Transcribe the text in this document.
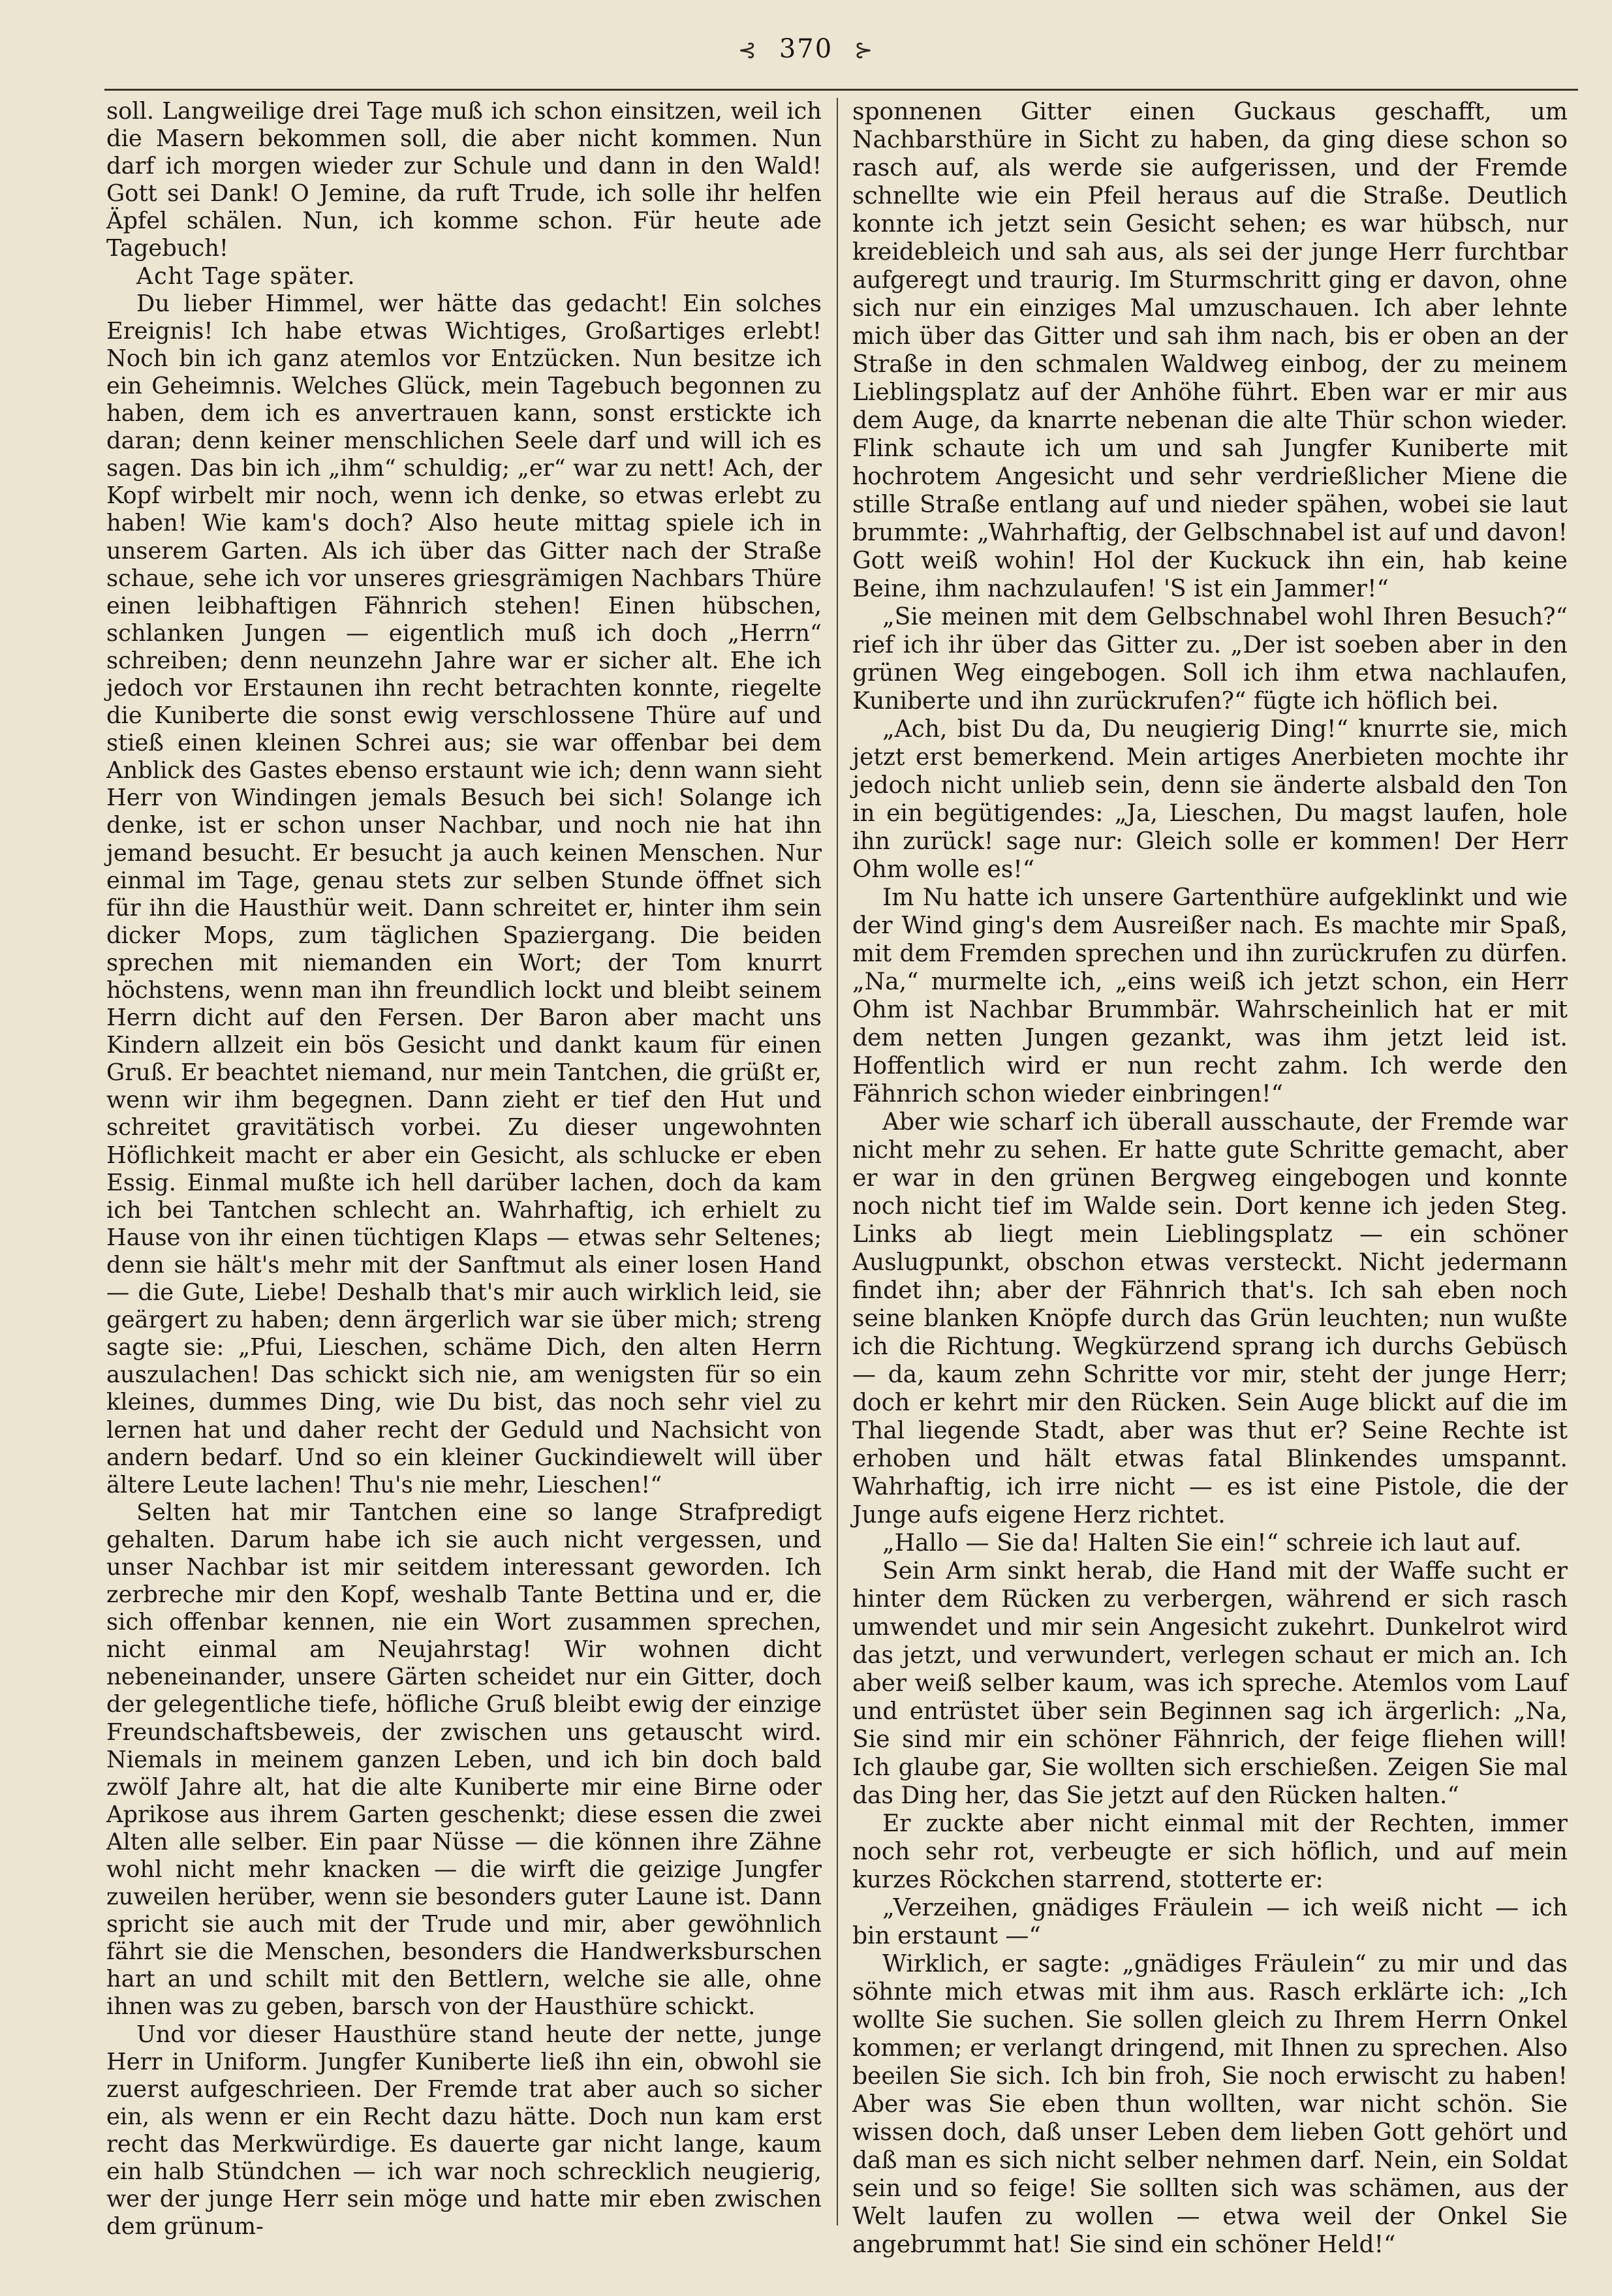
⊰ 370 ⊱

soll. Langweilige drei Tage muß ich schon einsitzen, weil ich die Masern bekommen soll, die aber nicht kommen. Nun darf ich morgen wieder zur Schule und dann in den Wald! Gott sei Dank! O Jemine, da ruft Trude, ich solle ihr helfen Äpfel schälen. Nun, ich komme schon. Für heute ade Tagebuch!

Acht Tage später.

Du lieber Himmel, wer hätte das gedacht! Ein solches Ereignis! Ich habe etwas Wichtiges, Großartiges erlebt! Noch bin ich ganz atemlos vor Entzücken. Nun besitze ich ein Geheimnis. Welches Glück, mein Tagebuch begonnen zu haben, dem ich es anvertrauen kann, sonst erstickte ich daran; denn keiner menschlichen Seele darf und will ich es sagen. Das bin ich „ihm“ schuldig; „er“ war zu nett! Ach, der Kopf wirbelt mir noch, wenn ich denke, so etwas erlebt zu haben! Wie kam's doch? Also heute mittag spiele ich in unserem Garten. Als ich über das Gitter nach der Straße schaue, sehe ich vor unseres griesgrämigen Nachbars Thüre einen leibhaftigen Fähnrich stehen! Einen hübschen, schlanken Jungen — eigentlich muß ich doch „Herrn“ schreiben; denn neunzehn Jahre war er sicher alt. Ehe ich jedoch vor Erstaunen ihn recht betrachten konnte, riegelte die Kuniberte die sonst ewig verschlossene Thüre auf und stieß einen kleinen Schrei aus; sie war offenbar bei dem Anblick des Gastes ebenso erstaunt wie ich; denn wann sieht Herr von Windingen jemals Besuch bei sich! Solange ich denke, ist er schon unser Nachbar, und noch nie hat ihn jemand besucht. Er besucht ja auch keinen Menschen. Nur einmal im Tage, genau stets zur selben Stunde öffnet sich für ihn die Hausthür weit. Dann schreitet er, hinter ihm sein dicker Mops, zum täglichen Spaziergang. Die beiden sprechen mit niemanden ein Wort; der Tom knurrt höchstens, wenn man ihn freundlich lockt und bleibt seinem Herrn dicht auf den Fersen. Der Baron aber macht uns Kindern allzeit ein bös Gesicht und dankt kaum für einen Gruß. Er beachtet niemand, nur mein Tantchen, die grüßt er, wenn wir ihm begegnen. Dann zieht er tief den Hut und schreitet gravitätisch vorbei. Zu dieser ungewohnten Höflichkeit macht er aber ein Gesicht, als schlucke er eben Essig. Einmal mußte ich hell darüber lachen, doch da kam ich bei Tantchen schlecht an. Wahrhaftig, ich erhielt zu Hause von ihr einen tüchtigen Klaps — etwas sehr Seltenes; denn sie hält's mehr mit der Sanftmut als einer losen Hand — die Gute, Liebe! Deshalb that's mir auch wirklich leid, sie geärgert zu haben; denn ärgerlich war sie über mich; streng sagte sie: „Pfui, Lieschen, schäme Dich, den alten Herrn auszulachen! Das schickt sich nie, am wenigsten für so ein kleines, dummes Ding, wie Du bist, das noch sehr viel zu lernen hat und daher recht der Geduld und Nachsicht von andern bedarf. Und so ein kleiner Guckindiewelt will über ältere Leute lachen! Thu's nie mehr, Lieschen!“

Selten hat mir Tantchen eine so lange Strafpredigt gehalten. Darum habe ich sie auch nicht vergessen, und unser Nachbar ist mir seitdem interessant geworden. Ich zerbreche mir den Kopf, weshalb Tante Bettina und er, die sich offenbar kennen, nie ein Wort zusammen sprechen, nicht einmal am Neujahrstag! Wir wohnen dicht nebeneinander, unsere Gärten scheidet nur ein Gitter, doch der gelegentliche tiefe, höfliche Gruß bleibt ewig der einzige Freundschaftsbeweis, der zwischen uns getauscht wird. Niemals in meinem ganzen Leben, und ich bin doch bald zwölf Jahre alt, hat die alte Kuniberte mir eine Birne oder Aprikose aus ihrem Garten geschenkt; diese essen die zwei Alten alle selber. Ein paar Nüsse — die können ihre Zähne wohl nicht mehr knacken — die wirft die geizige Jungfer zuweilen herüber, wenn sie besonders guter Laune ist. Dann spricht sie auch mit der Trude und mir, aber gewöhnlich fährt sie die Menschen, besonders die Handwerksburschen hart an und schilt mit den Bettlern, welche sie alle, ohne ihnen was zu geben, barsch von der Hausthüre schickt.

Und vor dieser Hausthüre stand heute der nette, junge Herr in Uniform. Jungfer Kuniberte ließ ihn ein, obwohl sie zuerst aufgeschrieen. Der Fremde trat aber auch so sicher ein, als wenn er ein Recht dazu hätte. Doch nun kam erst recht das Merkwürdige. Es dauerte gar nicht lange, kaum ein halb Stündchen — ich war noch schrecklich neugierig, wer der junge Herr sein möge und hatte mir eben zwischen dem grünum-

sponnenen Gitter einen Guckaus geschafft, um Nachbarsthüre in Sicht zu haben, da ging diese schon so rasch auf, als werde sie aufgerissen, und der Fremde schnellte wie ein Pfeil heraus auf die Straße. Deutlich konnte ich jetzt sein Gesicht sehen; es war hübsch, nur kreidebleich und sah aus, als sei der junge Herr furchtbar aufgeregt und traurig. Im Sturmschritt ging er davon, ohne sich nur ein einziges Mal umzuschauen. Ich aber lehnte mich über das Gitter und sah ihm nach, bis er oben an der Straße in den schmalen Waldweg einbog, der zu meinem Lieblingsplatz auf der Anhöhe führt. Eben war er mir aus dem Auge, da knarrte nebenan die alte Thür schon wieder. Flink schaute ich um und sah Jungfer Kuniberte mit hochrotem Angesicht und sehr verdrießlicher Miene die stille Straße entlang auf und nieder spähen, wobei sie laut brummte: „Wahrhaftig, der Gelbschnabel ist auf und davon! Gott weiß wohin! Hol der Kuckuck ihn ein, hab keine Beine, ihm nachzulaufen! 'S ist ein Jammer!“

„Sie meinen mit dem Gelbschnabel wohl Ihren Besuch?“ rief ich ihr über das Gitter zu. „Der ist soeben aber in den grünen Weg eingebogen. Soll ich ihm etwa nachlaufen, Kuniberte und ihn zurückrufen?“ fügte ich höflich bei.

„Ach, bist Du da, Du neugierig Ding!“ knurrte sie, mich jetzt erst bemerkend. Mein artiges Anerbieten mochte ihr jedoch nicht unlieb sein, denn sie änderte alsbald den Ton in ein begütigendes: „Ja, Lieschen, Du magst laufen, hole ihn zurück! sage nur: Gleich solle er kommen! Der Herr Ohm wolle es!“

Im Nu hatte ich unsere Gartenthüre aufgeklinkt und wie der Wind ging's dem Ausreißer nach. Es machte mir Spaß, mit dem Fremden sprechen und ihn zurückrufen zu dürfen. „Na,“ murmelte ich, „eins weiß ich jetzt schon, ein Herr Ohm ist Nachbar Brummbär. Wahrscheinlich hat er mit dem netten Jungen gezankt, was ihm jetzt leid ist. Hoffentlich wird er nun recht zahm. Ich werde den Fähnrich schon wieder einbringen!“

Aber wie scharf ich überall ausschaute, der Fremde war nicht mehr zu sehen. Er hatte gute Schritte gemacht, aber er war in den grünen Bergweg eingebogen und konnte noch nicht tief im Walde sein. Dort kenne ich jeden Steg. Links ab liegt mein Lieblingsplatz — ein schöner Auslugpunkt, obschon etwas versteckt. Nicht jedermann findet ihn; aber der Fähnrich that's. Ich sah eben noch seine blanken Knöpfe durch das Grün leuchten; nun wußte ich die Richtung. Wegkürzend sprang ich durchs Gebüsch — da, kaum zehn Schritte vor mir, steht der junge Herr; doch er kehrt mir den Rücken. Sein Auge blickt auf die im Thal liegende Stadt, aber was thut er? Seine Rechte ist erhoben und hält etwas fatal Blinkendes umspannt. Wahrhaftig, ich irre nicht — es ist eine Pistole, die der Junge aufs eigene Herz richtet.

„Hallo — Sie da! Halten Sie ein!“ schreie ich laut auf.

Sein Arm sinkt herab, die Hand mit der Waffe sucht er hinter dem Rücken zu verbergen, während er sich rasch umwendet und mir sein Angesicht zukehrt. Dunkelrot wird das jetzt, und verwundert, verlegen schaut er mich an. Ich aber weiß selber kaum, was ich spreche. Atemlos vom Lauf und entrüstet über sein Beginnen sag ich ärgerlich: „Na, Sie sind mir ein schöner Fähnrich, der feige fliehen will! Ich glaube gar, Sie wollten sich erschießen. Zeigen Sie mal das Ding her, das Sie jetzt auf den Rücken halten.“

Er zuckte aber nicht einmal mit der Rechten, immer noch sehr rot, verbeugte er sich höflich, und auf mein kurzes Röckchen starrend, stotterte er:

„Verzeihen, gnädiges Fräulein — ich weiß nicht — ich bin erstaunt —“

Wirklich, er sagte: „gnädiges Fräulein“ zu mir und das söhnte mich etwas mit ihm aus. Rasch erklärte ich: „Ich wollte Sie suchen. Sie sollen gleich zu Ihrem Herrn Onkel kommen; er verlangt dringend, mit Ihnen zu sprechen. Also beeilen Sie sich. Ich bin froh, Sie noch erwischt zu haben! Aber was Sie eben thun wollten, war nicht schön. Sie wissen doch, daß unser Leben dem lieben Gott gehört und daß man es sich nicht selber nehmen darf. Nein, ein Soldat sein und so feige! Sie sollten sich was schämen, aus der Welt laufen zu wollen — etwa weil der Onkel Sie angebrummt hat! Sie sind ein schöner Held!“
